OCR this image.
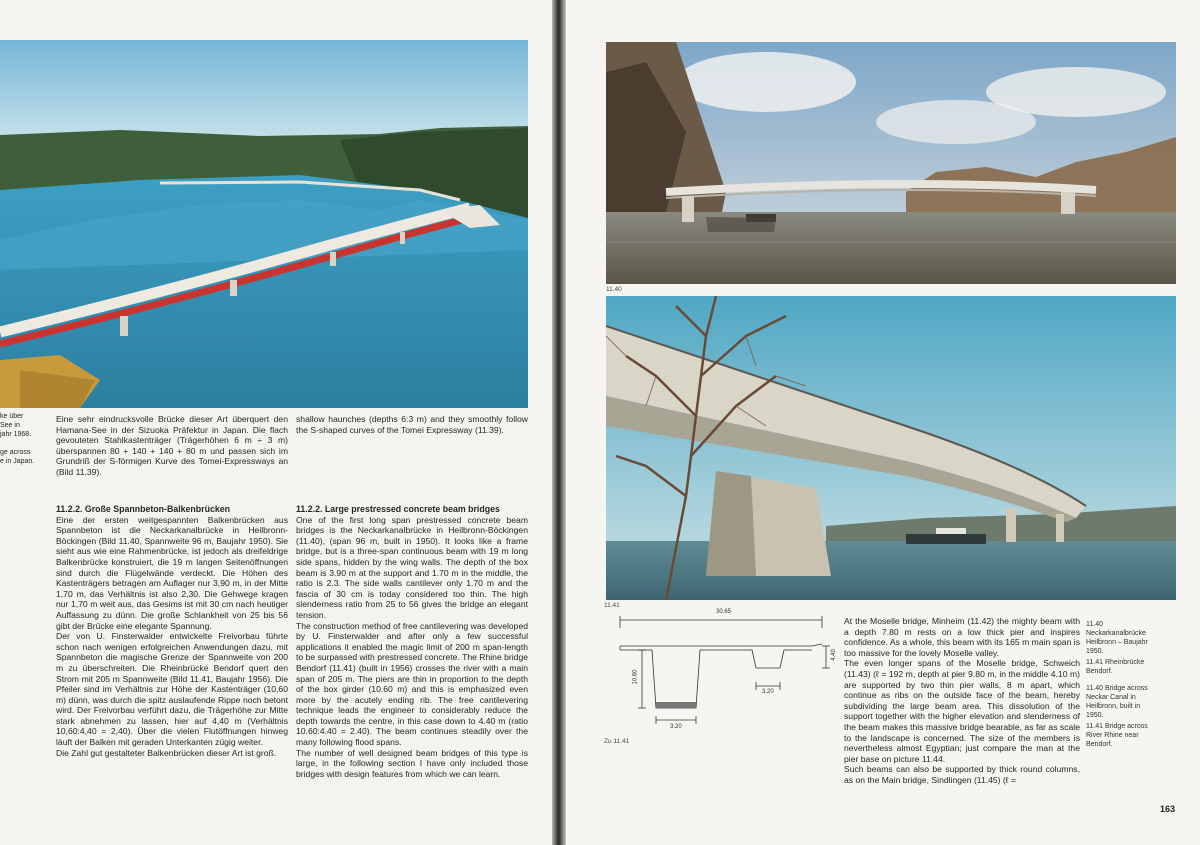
ke über

See in

jahr 1968.

ge across

e in Japan.

Eine sehr eindrucksvolle Brücke dieser Art überquert den Hamana-See in der Sizuoka Präfektur in Japan. Die flach gevouteten Stahlkastenträger (Trägerhöhen 6 m ÷ 3 m) überspannen 80 + 140 + 140 + 80 m und passen sich im Grundriß der S-förmigen Kurve des Tomei-Expressways an (Bild 11.39).

shallow haunches (depths 6:3 m) and they smoothly follow the S-shaped curves of the Tomei Expressway (11.39).

11.2.2. Große Spannbeton-Balkenbrücken

Eine der ersten weitgespannten Balkenbrücken aus Spannbeton ist die Neckarkanalbrücke in Heilbronn-Böckingen (Bild 11.40, Spannweite 96 m, Baujahr 1950). Sie sieht aus wie eine Rahmenbrücke, ist jedoch als dreifeldrige Balkenbrücke konstruiert, die 19 m langen Seitenöffnungen sind durch die Flügelwände verdeckt. Die Höhen des Kastenträgers betragen am Auflager nur 3,90 m, in der Mitte 1,70 m, das Verhältnis ist also 2,30. Die Gehwege kragen nur 1,70 m weit aus, das Gesims ist mit 30 cm nach heutiger Auffassung zu dünn. Die große Schlankheit von 25 bis 56 gibt der Brücke eine elegante Spannung.

Der von U. Finsterwalder entwickelte Freivorbau führte schon nach wenigen erfolgreichen Anwendungen dazu, mit Spannbeton die magische Grenze der Spannweite von 200 m zu überschreiten. Die Rheinbrücke Bendorf quert den Strom mit 205 m Spannweite (Bild 11.41, Baujahr 1956). Die Pfeiler sind im Verhältnis zur Höhe der Kastenträger (10,60 m) dünn, was durch die spitz auslaufende Rippe noch betont wird. Der Freivorbau verführt dazu, die Trägerhöhe zur Mitte stark abnehmen zu lassen, hier auf 4,40 m (Verhältnis 10,60:4,40 = 2,40). Über die vielen Flutöffnungen hinweg läuft der Balken mit geraden Unterkanten zügig weiter.

Die Zahl gut gestalteter Balkenbrücken dieser Art ist groß.

11.2.2. Large prestressed concrete beam bridges

One of the first long span prestressed concrete beam bridges is the Neckarkanalbrücke in Heilbronn-Böckingen (11.40), (span 96 m, built in 1950). It looks like a frame bridge, but is a three-span continuous beam with 19 m long side spans, hidden by the wing walls. The depth of the box beam is 3.90 m at the support and 1.70 m in the middle, the ratio is 2.3. The side walls cantilever only 1.70 m and the fascia of 30 cm is today considered too thin. The high slenderness ratio from 25 to 56 gives the bridge an elegant tension.

The construction method of free cantilevering was developed by U. Finsterwalder and after only a few successful applications it enabled the magic limit of 200 m span-length to be surpassed with prestressed concrete. The Rhine bridge Bendorf (11.41) (built in 1956) crosses the river with a main span of 205 m. The piers are thin in proportion to the depth of the box girder (10.60 m) and this is emphasized even more by the acutely ending rib. The free cantilevering technique leads the engineer to considerably reduce the depth towards the centre, in this case down to 4.40 m (ratio 10.60:4.40 = 2.40). The beam continues steadily over the many following flood spans.

The number of well designed beam bridges of this type is large, in the following section I have only included those bridges with design features from which we can learn.

11.40
11.41
30.65
10.60
4.40
3.20
3.20
Zu 11.41

At the Moselle bridge, Minheim (11.42) the mighty beam with a depth 7.80 m rests on a low thick pier and inspires confidence. As a whole, this beam with its 165 m main span is too massive for the lovely Moselle valley.

The even longer spans of the Moselle bridge, Schweich (11.43) (ℓ = 192 m, depth at pier 9.80 m, in the middle 4.10 m) are supported by two thin pier walls, 8 m apart, which continue as ribs on the outside face of the beam, hereby subdividing the large beam area. This dissolution of the support together with the higher elevation and slenderness of the beam makes this massive bridge bearable, as far as scale to the landscape is concerned. The size of the members is nevertheless almost Egyptian; just compare the man at the pier base on picture 11.44.

Such beams can also be supported by thick round columns, as on the Main bridge, Sindlingen (11.45) (ℓ =

11.40 Neckarkanalbrücke Heilbronn – Baujahr 1950.

11.41 Rheinbrücke Bendorf.

11.40 Bridge across Neckar Canal in Heilbronn, built in 1950.

11.41 Bridge across River Rhine near Bendorf.

163
